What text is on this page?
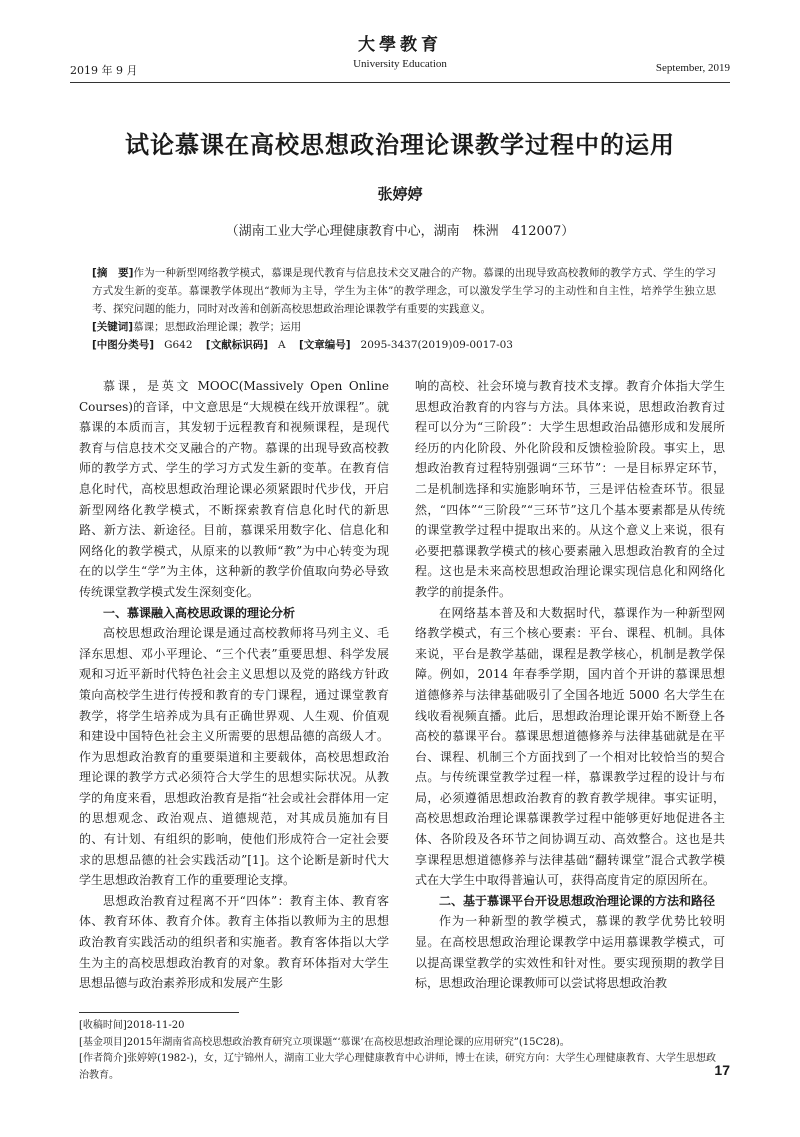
大學教育
University Education
2019 年 9 月	September, 2019
试论慕课在高校思想政治理论课教学过程中的运用
张婷婷
（湖南工业大学心理健康教育中心，湖南　株洲　412007）

[摘　要]作为一种新型网络教学模式，慕课是现代教育与信息技术交叉融合的产物。慕课的出现导致高校教师的教学方式、学生的学习方式发生新的变革。慕课教学体现出“教师为主导，学生为主体”的教学理念，可以激发学生学习的主动性和自主性，培养学生独立思考、探究问题的能力，同时对改善和创新高校思想政治理论课教学有重要的实践意义。

[关键词]慕课；思想政治理论课；教学；运用

[中图分类号] G642 [文献标识码] A [文章编号] 2095-3437(2019)09-0017-03

慕课，是英文 MOOC(Massively Open Online Courses)的音译，中文意思是“大规模在线开放课程”。就慕课的本质而言，其发轫于远程教育和视频课程，是现代教育与信息技术交叉融合的产物。慕课的出现导致高校教师的教学方式、学生的学习方式发生新的变革。在教育信息化时代，高校思想政治理论课必须紧跟时代步伐，开启新型网络化教学模式，不断探索教育信息化时代的新思路、新方法、新途径。目前，慕课采用数字化、信息化和网络化的教学模式，从原来的以教师“教”为中心转变为现在的以学生“学”为主体，这种新的教学价值取向势必导致传统课堂教学模式发生深刻变化。

一、慕课融入高校思政课的理论分析

高校思想政治理论课是通过高校教师将马列主义、毛泽东思想、邓小平理论、“三个代表”重要思想、科学发展观和习近平新时代特色社会主义思想以及党的路线方针政策向高校学生进行传授和教育的专门课程，通过课堂教育教学，将学生培养成为具有正确世界观、人生观、价值观和建设中国特色社会主义所需要的思想品德的高级人才。作为思想政治教育的重要渠道和主要载体，高校思想政治理论课的教学方式必须符合大学生的思想实际状况。从教学的角度来看，思想政治教育是指“社会或社会群体用一定的思想观念、政治观点、道德规范，对其成员施加有目的、有计划、有组织的影响，使他们形成符合一定社会要求的思想品德的社会实践活动”[1]。这个论断是新时代大学生思想政治教育工作的重要理论支撑。

思想政治教育过程离不开“四体”：教育主体、教育客体、教育环体、教育介体。教育主体指以教师为主的思想政治教育实践活动的组织者和实施者。教育客体指以大学生为主的高校思想政治教育的对象。教育环体指对大学生思想品德与政治素养形成和发展产生影

响的高校、社会环境与教育技术支撑。教育介体指大学生思想政治教育的内容与方法。具体来说，思想政治教育过程可以分为“三阶段”：大学生思想政治品德形成和发展所经历的内化阶段、外化阶段和反馈检验阶段。事实上，思想政治教育过程特别强调“三环节”：一是目标界定环节，二是机制选择和实施影响环节，三是评估检查环节。很显然，“四体”“三阶段”“三环节”这几个基本要素都是从传统的课堂教学过程中提取出来的。从这个意义上来说，很有必要把慕课教学模式的核心要素融入思想政治教育的全过程。这也是未来高校思想政治理论课实现信息化和网络化教学的前提条件。

在网络基本普及和大数据时代，慕课作为一种新型网络教学模式，有三个核心要素：平台、课程、机制。具体来说，平台是教学基础，课程是教学核心，机制是教学保障。例如，2014 年春季学期，国内首个开讲的慕课思想道德修养与法律基础吸引了全国各地近 5000 名大学生在线收看视频直播。此后，思想政治理论课开始不断登上各高校的慕课平台。慕课思想道德修养与法律基础就是在平台、课程、机制三个方面找到了一个相对比较恰当的契合点。与传统课堂教学过程一样，慕课教学过程的设计与布局，必须遵循思想政治教育的教育教学规律。事实证明，高校思想政治理论课慕课教学过程中能够更好地促进各主体、各阶段及各环节之间协调互动、高效整合。这也是共享课程思想道德修养与法律基础“翻转课堂”混合式教学模式在大学生中取得普遍认可，获得高度肯定的原因所在。

二、基于慕课平台开设思想政治理论课的方法和路径

作为一种新型的教学模式，慕课的教学优势比较明显。在高校思想政治理论课教学中运用慕课教学模式，可以提高课堂教学的实效性和针对性。要实现预期的教学目标，思想政治理论课教师可以尝试将思想政治教

[收稿时间]2018-11-20

[基金项目]2015年湖南省高校思想政治教育研究立项课题“‘慕课’在高校思想政治理论课的应用研究”(15C28)。

[作者简介]张婷婷(1982-)，女，辽宁锦州人，湖南工业大学心理健康教育中心讲师，博士在读，研究方向：大学生心理健康教育、大学生思想政治教育。	17
